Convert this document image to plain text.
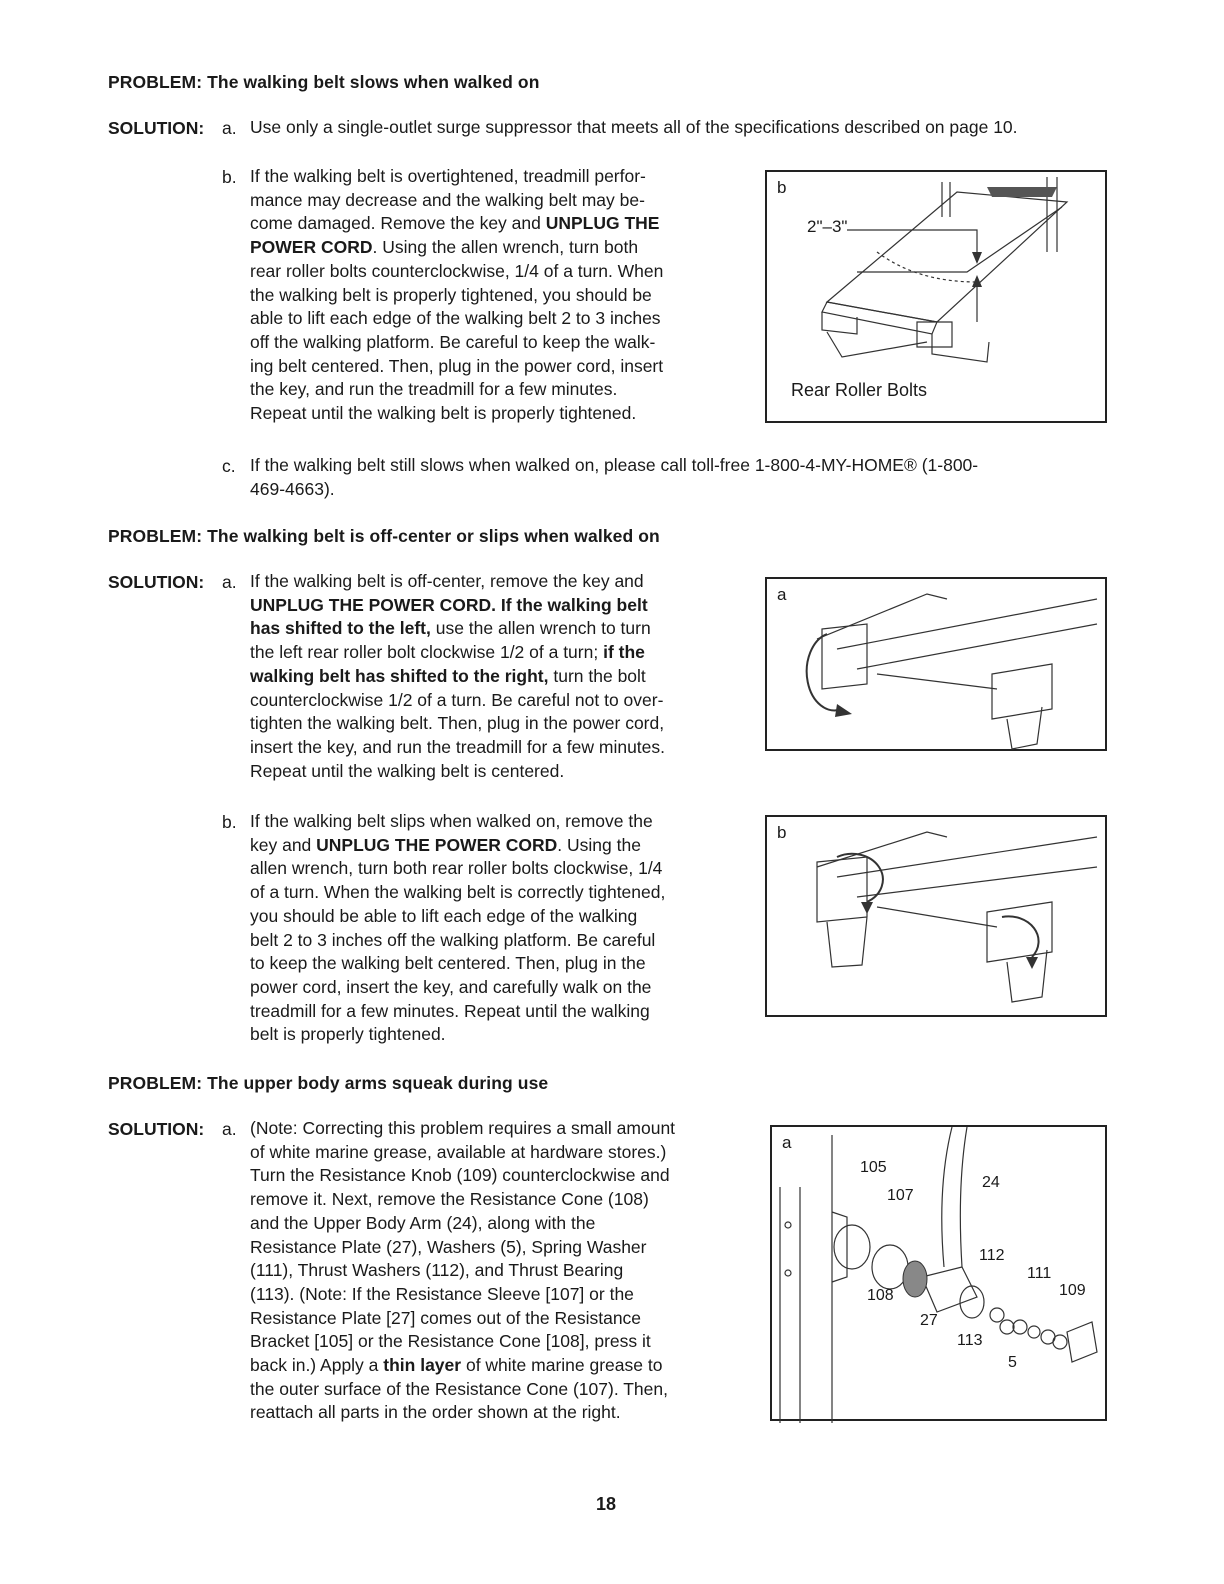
PROBLEM: The walking belt slows when walked on
SOLUTION: a. Use only a single-outlet surge suppressor that meets all of the specifications described on page 10.
b. If the walking belt is overtightened, treadmill perfor-
mance may decrease and the walking belt may be-
come damaged. Remove the key and UNPLUG THE
POWER CORD. Using the allen wrench, turn both
rear roller bolts counterclockwise, 1/4 of a turn. When
the walking belt is properly tightened, you should be
able to lift each edge of the walking belt 2 to 3 inches
off the walking platform. Be careful to keep the walk-
ing belt centered. Then, plug in the power cord, insert
the key, and run the treadmill for a few minutes.
Repeat until the walking belt is properly tightened.
b
2"–3"
Rear Roller Bolts
c. If the walking belt still slows when walked on, please call toll-free 1-800-4-MY-HOME® (1-800-
469-4663).
PROBLEM: The walking belt is off-center or slips when walked on
SOLUTION: a. If the walking belt is off-center, remove the key and
UNPLUG THE POWER CORD. If the walking belt
has shifted to the left, use the allen wrench to turn
the left rear roller bolt clockwise 1/2 of a turn; if the
walking belt has shifted to the right, turn the bolt
counterclockwise 1/2 of a turn. Be careful not to over-
tighten the walking belt. Then, plug in the power cord,
insert the key, and run the treadmill for a few minutes.
Repeat until the walking belt is centered.
a
b. If the walking belt slips when walked on, remove the
key and UNPLUG THE POWER CORD. Using the
allen wrench, turn both rear roller bolts clockwise, 1/4
of a turn. When the walking belt is correctly tightened,
you should be able to lift each edge of the walking
belt 2 to 3 inches off the walking platform. Be careful
to keep the walking belt centered. Then, plug in the
power cord, insert the key, and carefully walk on the
treadmill for a few minutes. Repeat until the walking
belt is properly tightened.
b
PROBLEM: The upper body arms squeak during use
SOLUTION: a. (Note: Correcting this problem requires a small amount
of white marine grease, available at hardware stores.)
Turn the Resistance Knob (109) counterclockwise and
remove it. Next, remove the Resistance Cone (108)
and the Upper Body Arm (24), along with the
Resistance Plate (27), Washers (5), Spring Washer
(111), Thrust Washers (112), and Thrust Bearing
(113). (Note: If the Resistance Sleeve [107] or the
Resistance Plate [27] comes out of the Resistance
Bracket [105] or the Resistance Cone [108], press it
back in.) Apply a thin layer of white marine grease to
the outer surface of the Resistance Cone (107). Then,
reattach all parts in the order shown at the right.
a
105
107
24
112
111
109
108
27
113
5
18
